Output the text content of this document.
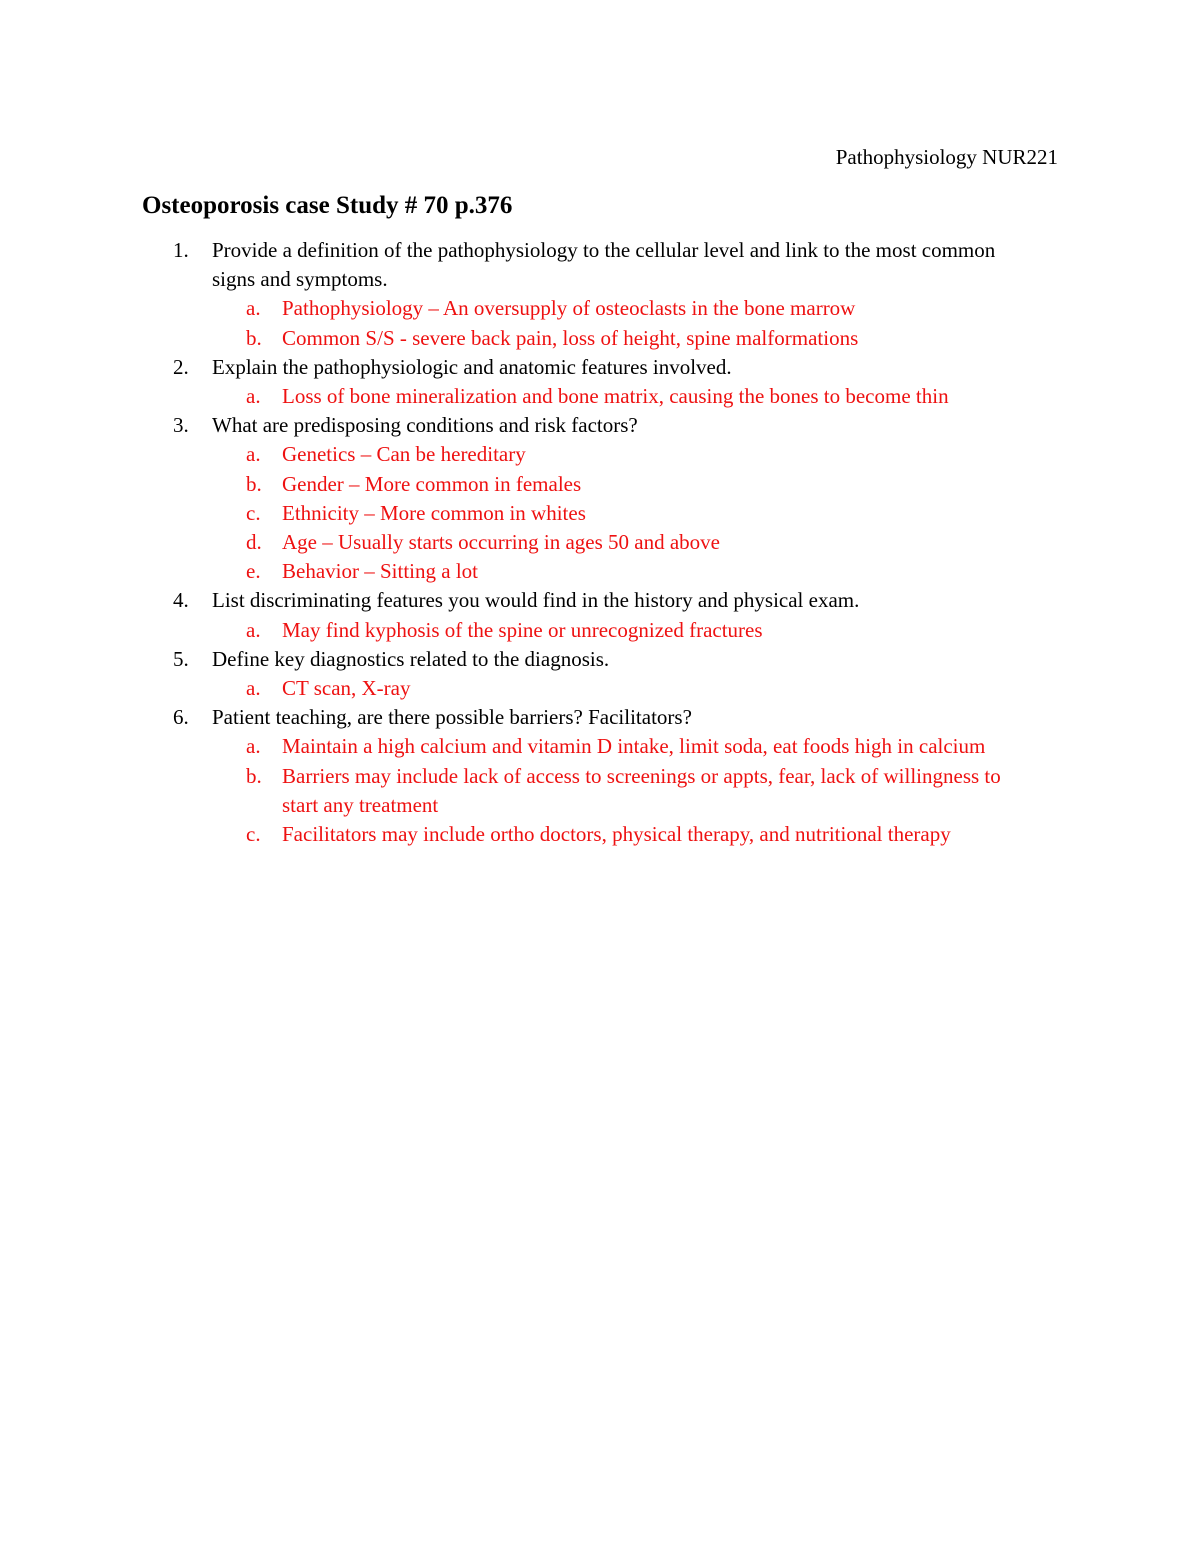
Pathophysiology NUR221
Osteoporosis case Study # 70 p.376
1. Provide a definition of the pathophysiology to the cellular level and link to the most common signs and symptoms.
a. Pathophysiology – An oversupply of osteoclasts in the bone marrow
b. Common S/S - severe back pain, loss of height, spine malformations
2. Explain the pathophysiologic and anatomic features involved.
a. Loss of bone mineralization and bone matrix, causing the bones to become thin
3. What are predisposing conditions and risk factors?
a. Genetics – Can be hereditary
b. Gender – More common in females
c. Ethnicity – More common in whites
d. Age – Usually starts occurring in ages 50 and above
e. Behavior – Sitting a lot
4. List discriminating features you would find in the history and physical exam.
a. May find kyphosis of the spine or unrecognized fractures
5. Define key diagnostics related to the diagnosis.
a. CT scan, X-ray
6. Patient teaching, are there possible barriers? Facilitators?
a. Maintain a high calcium and vitamin D intake, limit soda, eat foods high in calcium
b. Barriers may include lack of access to screenings or appts, fear, lack of willingness to start any treatment
c. Facilitators may include ortho doctors, physical therapy, and nutritional therapy
